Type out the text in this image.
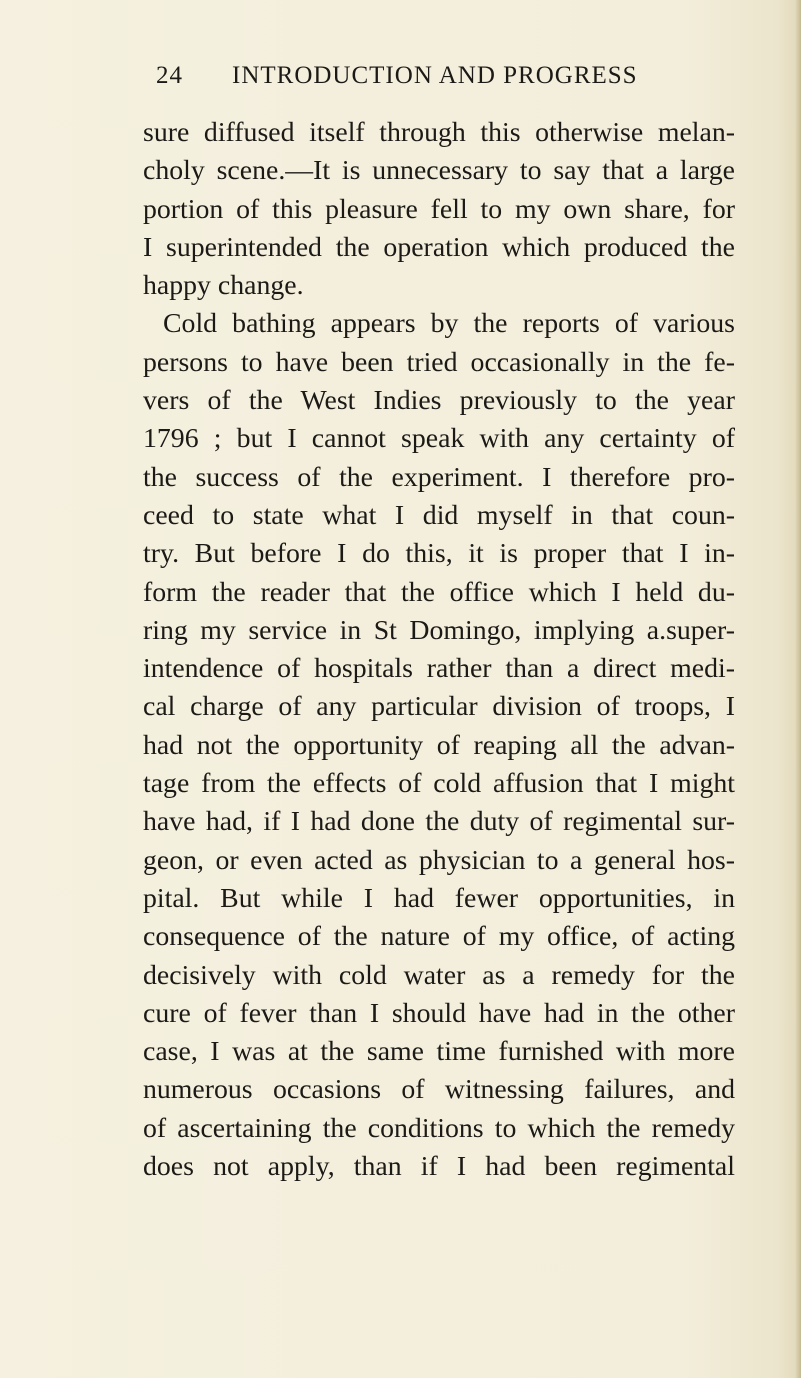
24 INTRODUCTION AND PROGRESS
sure diffused itself through this otherwise melan-
choly scene.—It is unnecessary to say that a large
portion of this pleasure fell to my own share, for
I superintended the operation which produced the
happy change.
Cold bathing appears by the reports of various
persons to have been tried occasionally in the fe-
vers of the West Indies previously to the year
1796 ; but I cannot speak with any certainty of
the success of the experiment. I therefore pro-
ceed to state what I did myself in that coun-
try. But before I do this, it is proper that I in-
form the reader that the office which I held du-
ring my service in St Domingo, implying a.super-
intendence of hospitals rather than a direct medi-
cal charge of any particular division of troops, I
had not the opportunity of reaping all the advan-
tage from the effects of cold affusion that I might
have had, if I had done the duty of regimental sur-
geon, or even acted as physician to a general hos-
pital. But while I had fewer opportunities, in
consequence of the nature of my office, of acting
decisively with cold water as a remedy for the
cure of fever than I should have had in the other
case, I was at the same time furnished with more
numerous occasions of witnessing failures, and
of ascertaining the conditions to which the remedy
does not apply, than if I had been regimental
